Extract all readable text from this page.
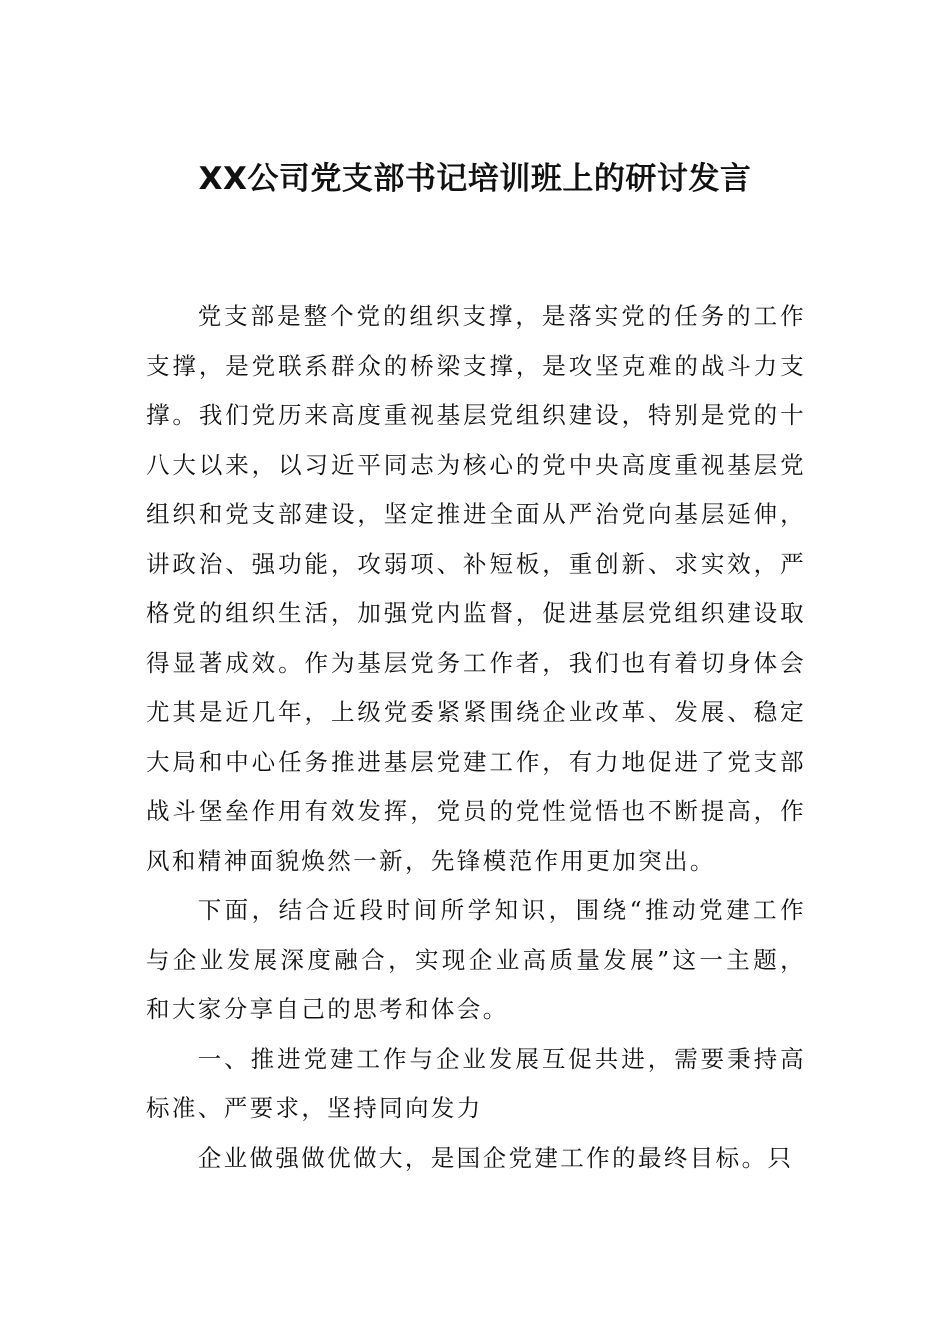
XX公司党支部书记培训班上的研讨发言

党支部是整个党的组织支撑，是落实党的任务的工作支撑，是党联系群众的桥梁支撑，是攻坚克难的战斗力支撑。我们党历来高度重视基层党组织建设，特别是党的十八大以来，以习近平同志为核心的党中央高度重视基层党组织和党支部建设，坚定推进全面从严治党向基层延伸，讲政治、强功能，攻弱项、补短板，重创新、求实效，严格党的组织生活，加强党内监督，促进基层党组织建设取得显著成效。作为基层党务工作者，我们也有着切身体会尤其是近几年，上级党委紧紧围绕企业改革、发展、稳定大局和中心任务推进基层党建工作，有力地促进了党支部战斗堡垒作用有效发挥，党员的党性觉悟也不断提高，作风和精神面貌焕然一新，先锋模范作用更加突出。

下面，结合近段时间所学知识，围绕“推动党建工作与企业发展深度融合，实现企业高质量发展”这一主题，和大家分享自己的思考和体会。

一、推进党建工作与企业发展互促共进，需要秉持高标准、严要求，坚持同向发力

企业做强做优做大，是国企党建工作的最终目标。只
